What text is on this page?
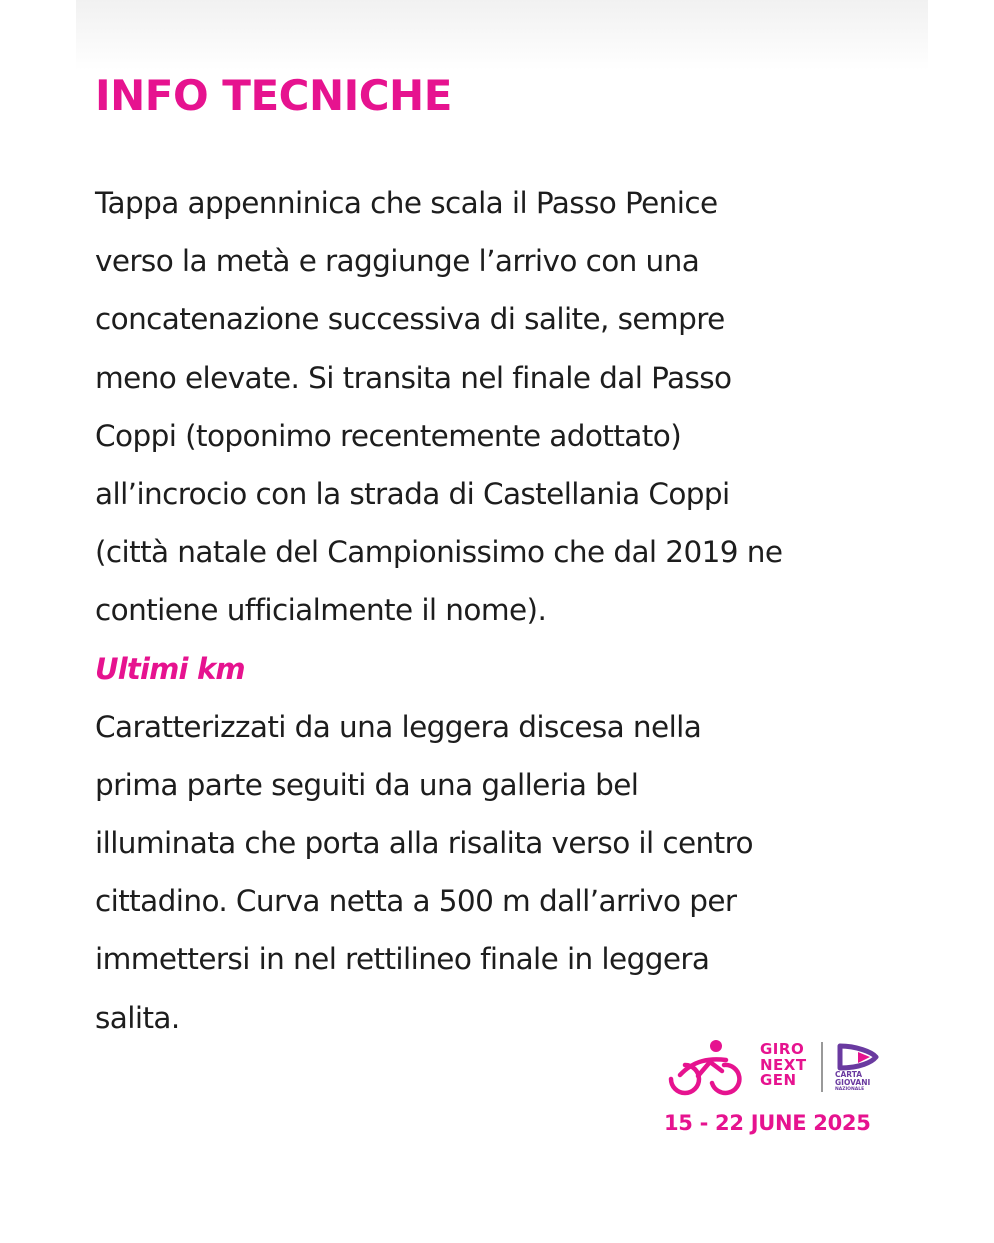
INFO TECNICHE

Tappa appenninica che scala il Passo Penice
verso la metà e raggiunge l’arrivo con una
concatenazione successiva di salite, sempre
meno elevate. Si transita nel finale dal Passo
Coppi (toponimo recentemente adottato)
all’incrocio con la strada di Castellania Coppi
(città natale del Campionissimo che dal 2019 ne
contiene ufficialmente il nome).

Ultimi km

Caratterizzati da una leggera discesa nella
prima parte seguiti da una galleria bel
illuminata che porta alla risalita verso il centro
cittadino. Curva netta a 500 m dall’arrivo per
immettersi in nel rettilineo finale in leggera
salita.

GIRO
NEXT
GEN	CARTA
GIOVANI
NAZIONALE
15 - 22 JUNE 2025
